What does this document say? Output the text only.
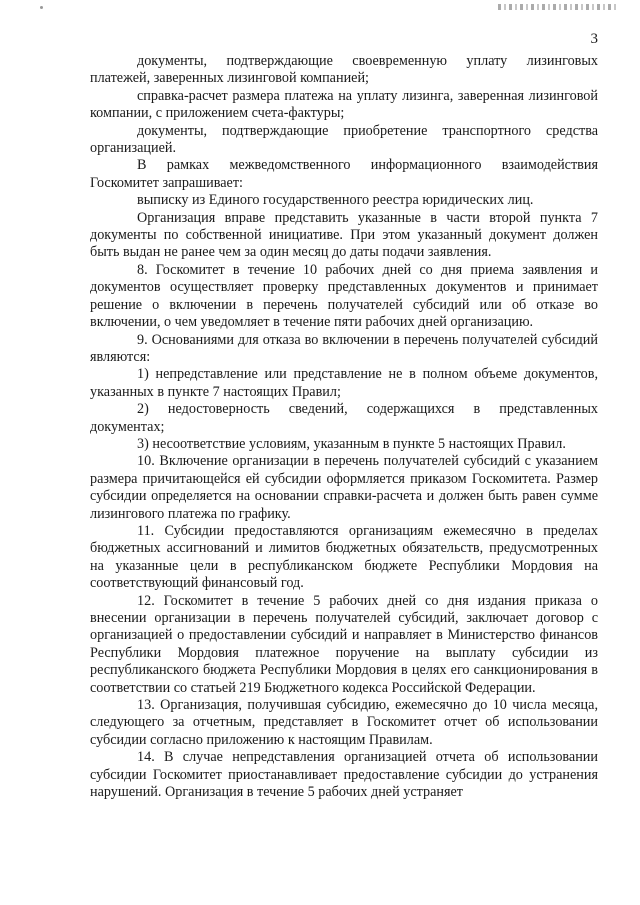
3

документы, подтверждающие своевременную уплату лизинговых платежей, заверенных лизинговой компанией;

справка-расчет размера платежа на уплату лизинга, заверенная лизинговой компании, с приложением счета-фактуры;

документы, подтверждающие приобретение транспортного средства организацией.

В рамках межведомственного информационного взаимодействия Госкомитет запрашивает:

выписку из Единого государственного реестра юридических лиц.

Организация вправе представить указанные в части второй пункта 7 документы по собственной инициативе. При этом указанный документ должен быть выдан не ранее чем за один месяц до даты подачи заявления.

8. Госкомитет в течение 10 рабочих дней со дня приема заявления и документов осуществляет проверку представленных документов и принимает решение о включении в перечень получателей субсидий или об отказе во включении, о чем уведомляет в течение пяти рабочих дней организацию.

9. Основаниями для отказа во включении в перечень получателей субсидий являются:

1) непредставление или представление не в полном объеме документов, указанных в пункте 7 настоящих Правил;

2) недостоверность сведений, содержащихся в представленных документах;

3) несоответствие условиям, указанным в пункте 5 настоящих Правил.

10. Включение организации в перечень получателей субсидий с указанием размера причитающейся ей субсидии оформляется приказом Госкомитета. Размер субсидии определяется на основании справки-расчета и должен быть равен сумме лизингового платежа по графику.

11. Субсидии предоставляются организациям ежемесячно в пределах бюджетных ассигнований и лимитов бюджетных обязательств, предусмотренных на указанные цели в республиканском бюджете Республики Мордовия на соответствующий финансовый год.

12. Госкомитет в течение 5 рабочих дней со дня издания приказа о внесении организации в перечень получателей субсидий, заключает договор с организацией о предоставлении субсидий и направляет в Министерство финансов Республики Мордовия платежное поручение на выплату субсидии из республиканского бюджета Республики Мордовия в целях его санкционирования в соответствии со статьей 219 Бюджетного кодекса Российской Федерации.

13. Организация, получившая субсидию, ежемесячно до 10 числа месяца, следующего за отчетным, представляет в Госкомитет отчет об использовании субсидии согласно приложению к настоящим Правилам.

14. В случае непредставления организацией отчета об использовании субсидии Госкомитет приостанавливает предоставление субсидии до устранения нарушений. Организация в течение 5 рабочих дней устраняет
